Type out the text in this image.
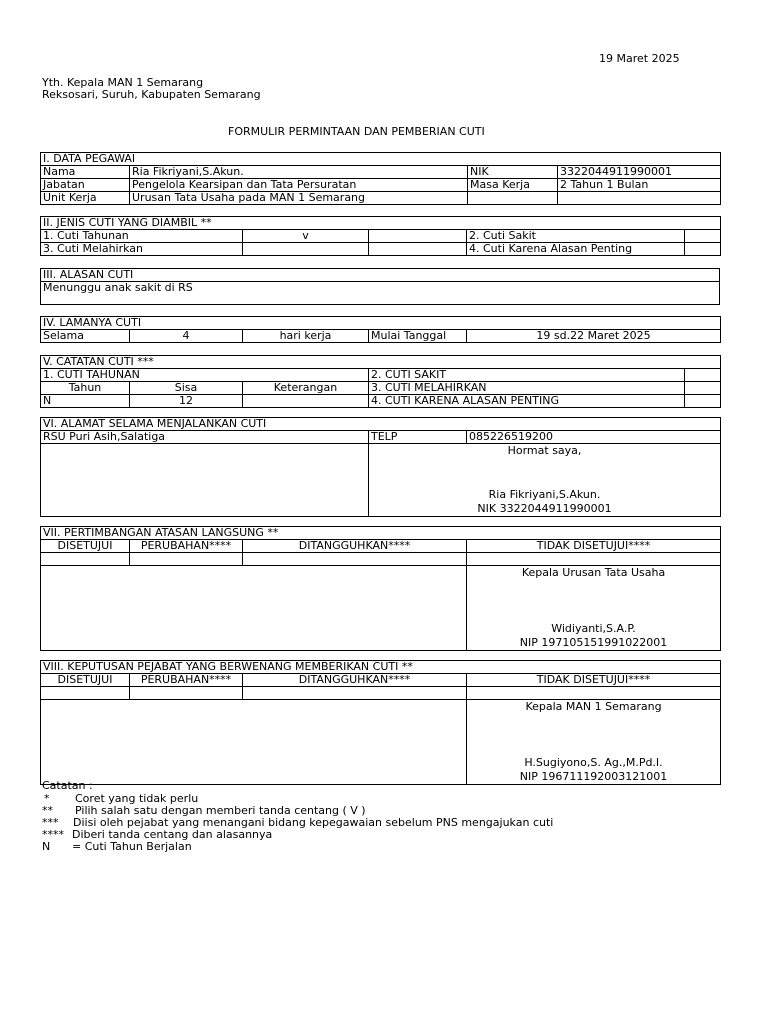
19 Maret 2025
Yth. Kepala MAN 1 Semarang
Reksosari, Suruh, Kabupaten Semarang
FORMULIR PERMINTAAN DAN PEMBERIAN CUTI
I. DATA PEGAWAI			
Nama	Ria Fikriyani,S.Akun.	NIK	3322044911990001
Jabatan	Pengelola Kearsipan dan Tata Persuratan	Masa Kerja	2 Tahun 1 Bulan
Unit Kerja	Urusan Tata Usaha pada MAN 1 Semarang		
II. JENIS CUTI YANG DIAMBIL **				
1. Cuti Tahunan	v		2. Cuti Sakit	
3. Cuti Melahirkan			4. Cuti Karena Alasan Penting	
III. ALASAN CUTI
Menunggu anak sakit di RS
IV. LAMANYA CUTI
Selama	4	hari kerja	Mulai Tanggal	19 sd.22 Maret 2025
V. CATATAN CUTI ***				
1. CUTI TAHUNAN			2. CUTI SAKIT	
Tahun	Sisa	Keterangan	3. CUTI MELAHIRKAN	
N	12		4. CUTI KARENA ALASAN PENTING	
VI. ALAMAT SELAMA MENJALANKAN CUTI		
RSU Puri Asih,Salatiga	TELP	085226519200

	Hormat saya,
Ria Fikriyani,S.Akun.
NIK 3322044911990001	
VII. PERTIMBANGAN ATASAN LANGSUNG **			
DISETUJUI	PERUBAHAN****	DITANGGUHKAN****	TIDAK DISETUJUI****

			Kepala Urusan Tata Usaha
Widiyanti,S.A.P.
NIP 197105151991022001
VIII. KEPUTUSAN PEJABAT YANG BERWENANG MEMBERIKAN CUTI **			
DISETUJUI	PERUBAHAN****	DITANGGUHKAN****	TIDAK DISETUJUI****

			Kepala MAN 1 Semarang
H.Sugiyono,S. Ag.,M.Pd.I.
NIP 196711192003121001
Catatan :
* Coret yang tidak perlu
** Pilih salah satu dengan memberi tanda centang ( V )
*** Diisi oleh pejabat yang menangani bidang kepegawaian sebelum PNS mengajukan cuti
**** Diberi tanda centang dan alasannya
N = Cuti Tahun Berjalan
